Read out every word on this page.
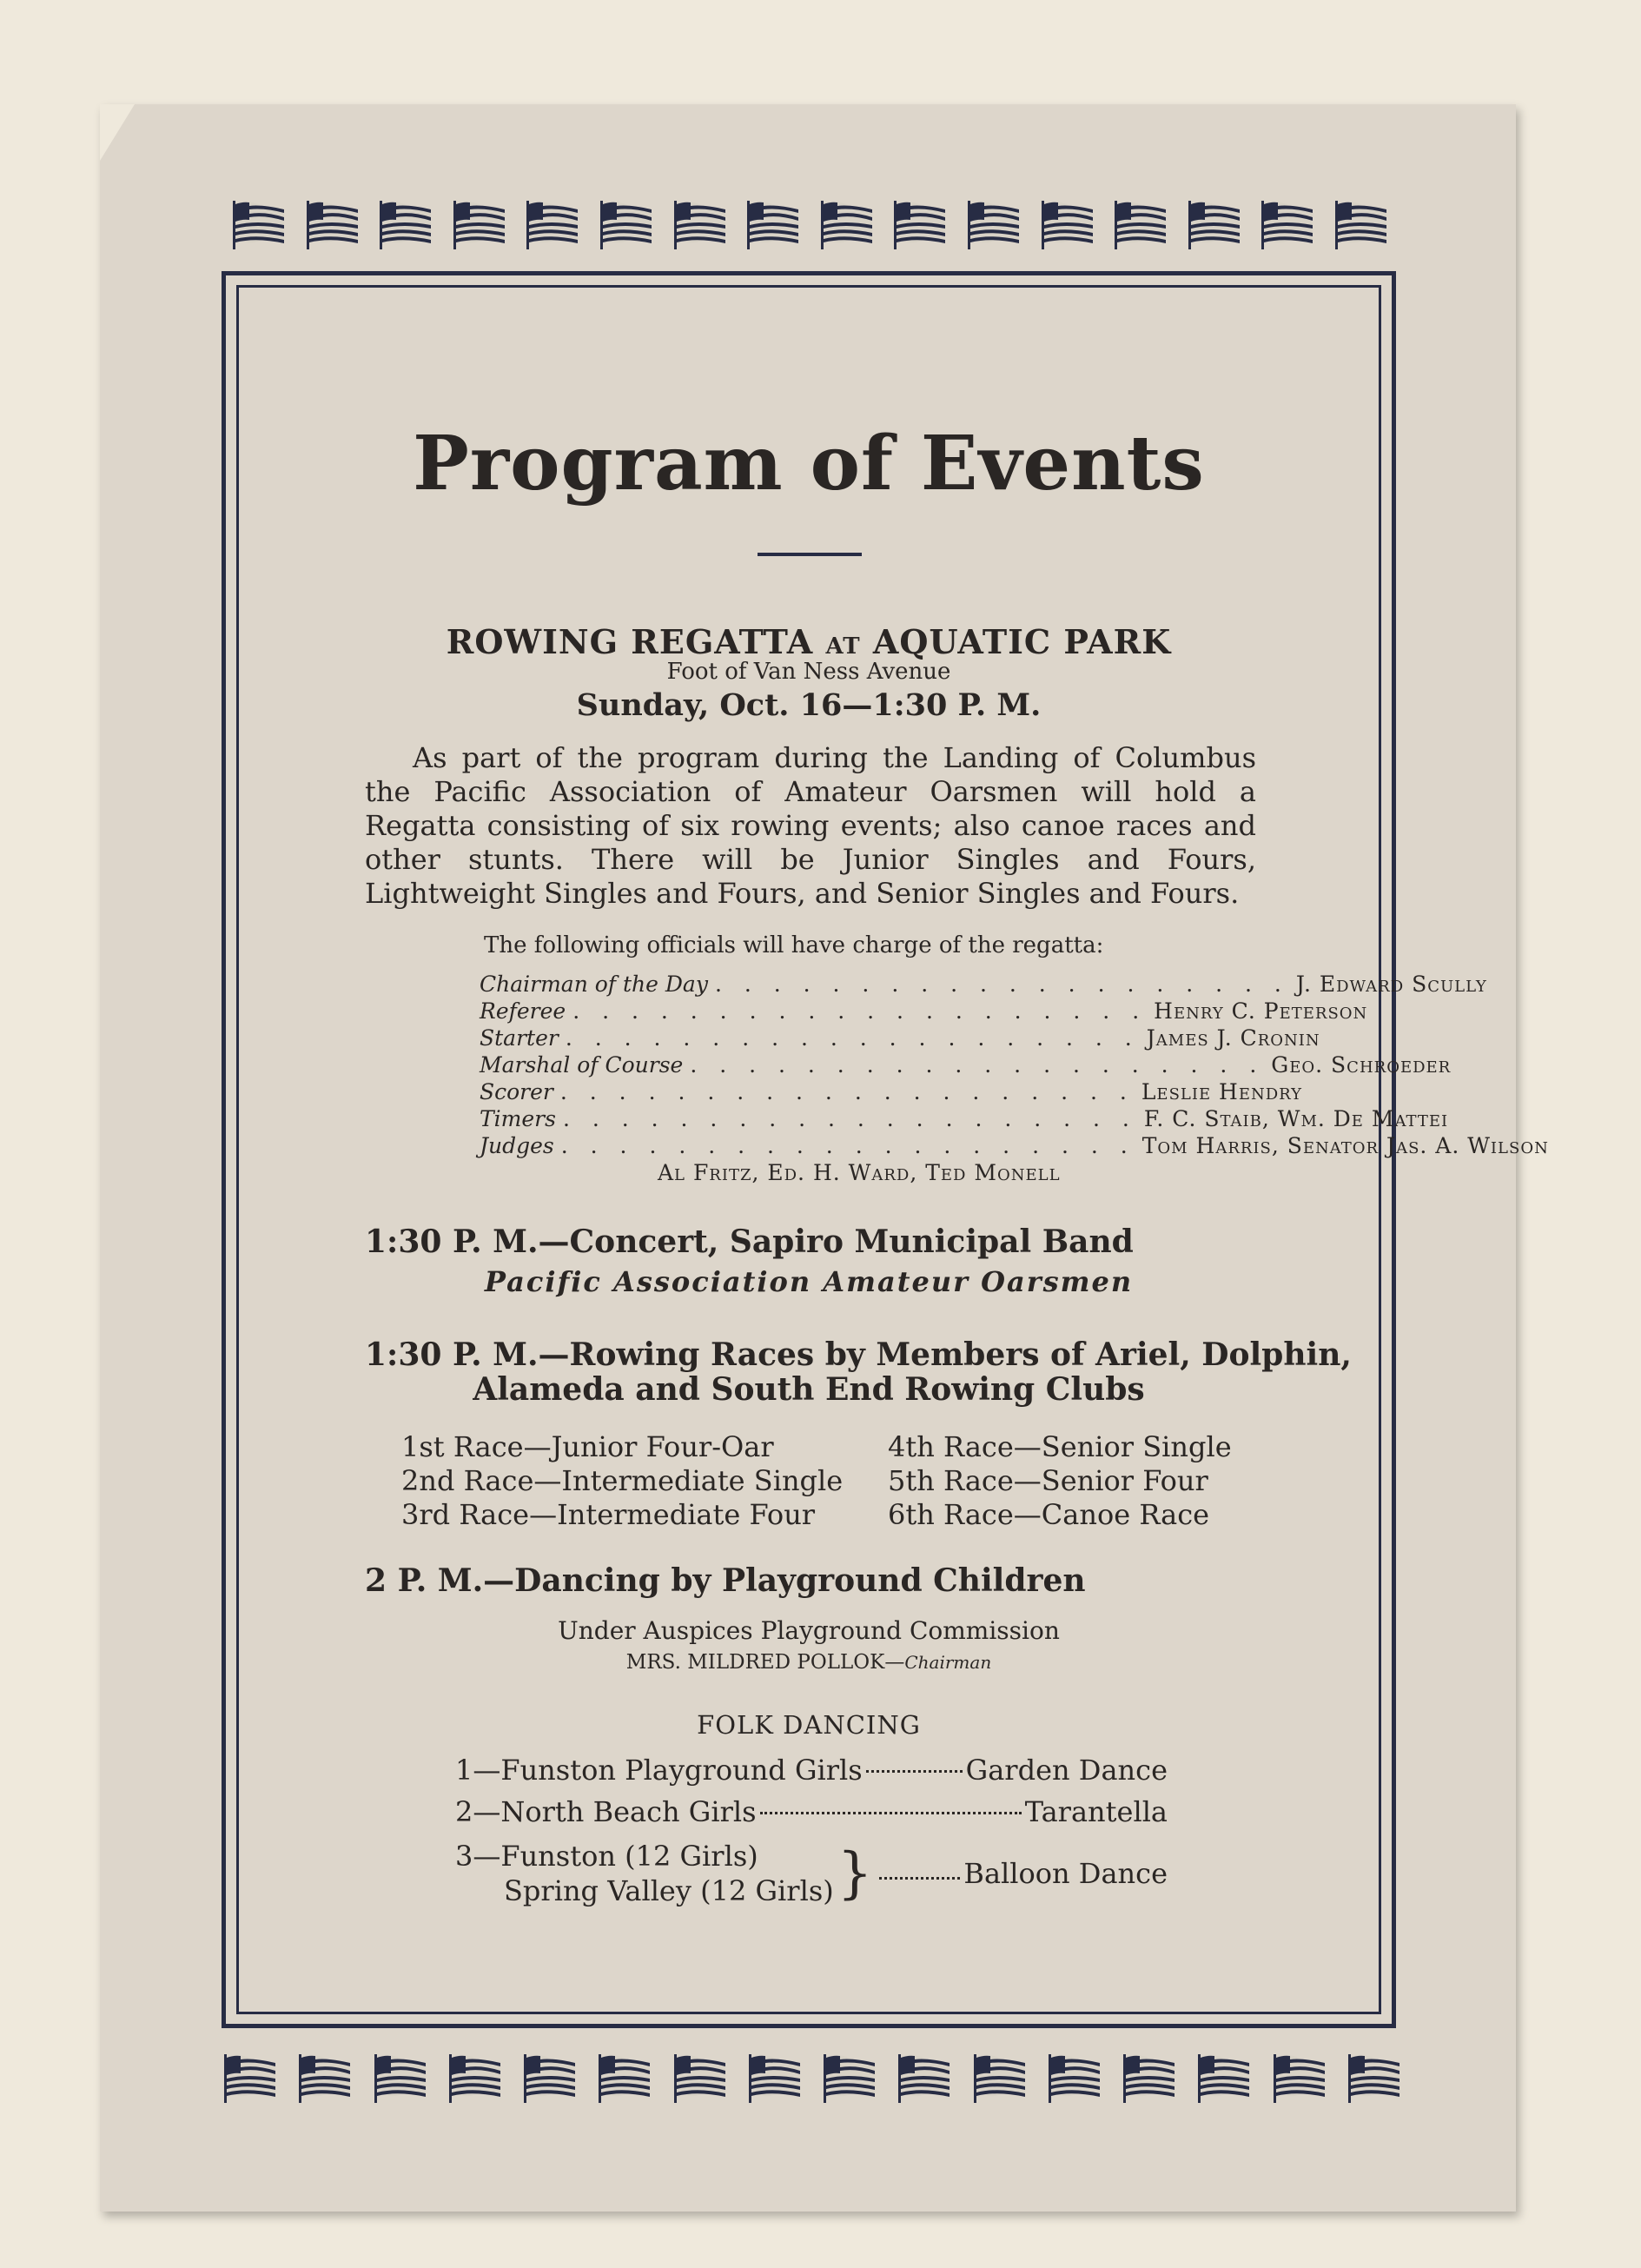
Program of Events
ROWING REGATTA AT AQUATIC PARK
Foot of Van Ness Avenue
Sunday, Oct. 16—1:30 P. M.
As part of the program during the Landing of Columbus the Pacific Association of Amateur Oarsmen will hold a Regatta consisting of six rowing events; also canoe races and other stunts. There will be Junior Singles and Fours, Lightweight Singles and Fours, and Senior Singles and Fours.
The following officials will have charge of the regatta:
Chairman of the Day . . . . . . . . . . . . . . . . . . . . J. Edward Scully
Referee . . . . . . . . . . . . . . . . . . . . Henry C. Peterson
Starter . . . . . . . . . . . . . . . . . . . . James J. Cronin
Marshal of Course . . . . . . . . . . . . . . . . . . . . Geo. Schroeder
Scorer . . . . . . . . . . . . . . . . . . . . Leslie Hendry
Timers . . . . . . . . . . . . . . . . . . . . F. C. Staib, Wm. De Mattei
Judges . . . . . . . . . . . . . . . . . . . . Tom Harris, Senator Jas. A. Wilson
Al Fritz, Ed. H. Ward, Ted Monell
1:30 P. M.—Concert, Sapiro Municipal Band
Pacific Association Amateur Oarsmen
1:30 P. M.—Rowing Races by Members of Ariel, Dolphin,
Alameda and South End Rowing Clubs
1st Race—Junior Four-Oar	4th Race—Senior Single
2nd Race—Intermediate Single	5th Race—Senior Four
3rd Race—Intermediate Four	6th Race—Canoe Race
2 P. M.—Dancing by Playground Children
Under Auspices Playground Commission
MRS. MILDRED POLLOK—Chairman
FOLK DANCING
1—Funston Playground Girls	Garden Dance
2—North Beach Girls	Tarantella
3—Funston (12 Girls)
Spring Valley (12 Girls) }	Balloon Dance
